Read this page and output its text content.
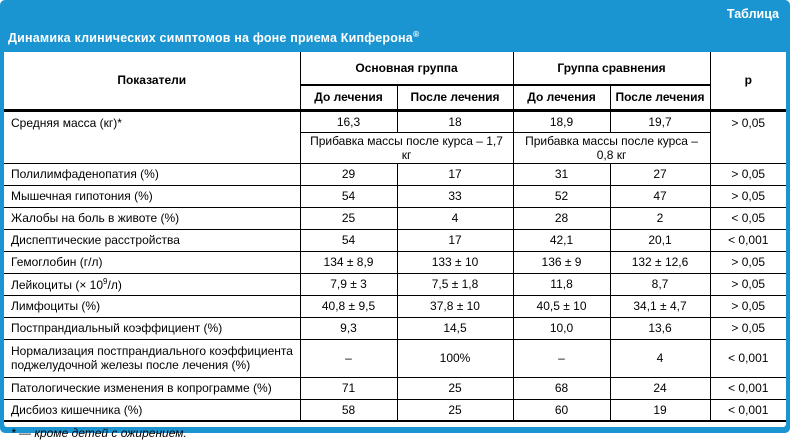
Таблица
Динамика клинических симптомов на фоне приема Кипферона®
Показатели	Основная группа		Группа сравнения		p
	До лечения	После лечения	До лечения	После лечения	
Средняя масса (кг)*	16,3	18	18,9	19,7	> 0,05
	Прибавка массы после курса – 1,7 кг		Прибавка массы после курса – 0,8 кг		
Полилимфаденопатия (%)	29	17	31	27	> 0,05
Мышечная гипотония (%)	54	33	52	47	> 0,05
Жалобы на боль в животе (%)	25	4	28	2	< 0,05
Диспептические расстройства	54	17	42,1	20,1	< 0,001
Гемоглобин (г/л)	134 ± 8,9	133 ± 10	136 ± 9	132 ± 12,6	> 0,05
Лейкоциты (× $10^9/л$)	7,9 ± 3	7,5 ± 1,8	11,8	8,7	> 0,05
Лимфоциты (%)	40,8 ± 9,5	37,8 ± 10	40,5 ± 10	34,1 ± 4,7	> 0,05
Постпрандиальный коэффициент (%)	9,3	14,5	10,0	13,6	> 0,05
Нормализация постпрандиального коэффициента поджелудочной железы после лечения (%)	–	100%	–	4	< 0,001
Патологические изменения в копрограмме (%)	71	25	68	24	< 0,001
Дисбиоз кишечника (%)	58	25	60	19	< 0,001
* — кроме детей с ожирением.
